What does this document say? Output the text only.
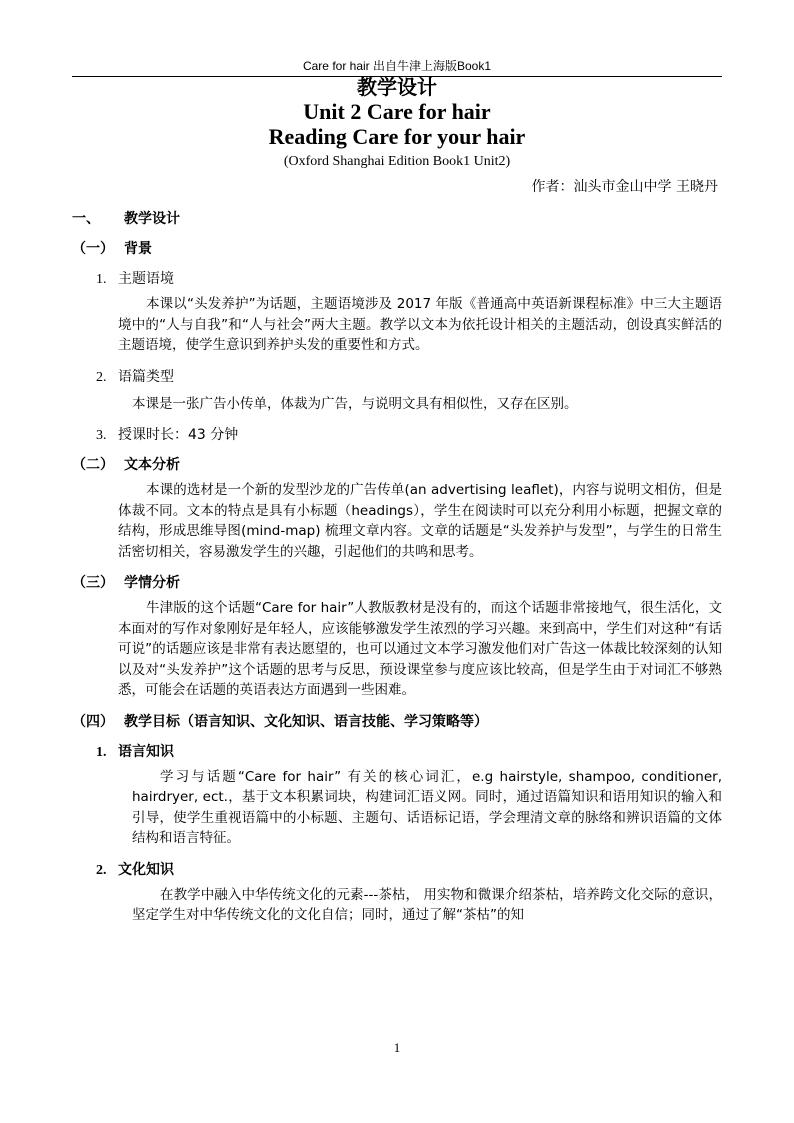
Care for hair 出自牛津上海版Book1
教学设计
Unit 2 Care for hair
Reading Care for your hair
(Oxford Shanghai Edition Book1 Unit2)
作者：汕头市金山中学 王晓丹
一、 教学设计
（一） 背景
1. 主题语境
本课以“头发养护”为话题，主题语境涉及 2017 年版《普通高中英语新课程标准》中三大主题语境中的“人与自我”和“人与社会”两大主题。教学以文本为依托设计相关的主题活动，创设真实鲜活的主题语境，使学生意识到养护头发的重要性和方式。
2. 语篇类型
本课是一张广告小传单，体裁为广告，与说明文具有相似性，又存在区别。
3. 授课时长：43 分钟
（二） 文本分析
本课的选材是一个新的发型沙龙的广告传单(an advertising leaflet)，内容与说明文相仿，但是体裁不同。文本的特点是具有小标题（headings），学生在阅读时可以充分利用小标题，把握文章的结构，形成思维导图(mind-map) 梳理文章内容。文章的话题是“头发养护与发型”，与学生的日常生活密切相关，容易激发学生的兴趣，引起他们的共鸣和思考。
（三） 学情分析
牛津版的这个话题“Care for hair”人教版教材是没有的，而这个话题非常接地气，很生活化，文本面对的写作对象刚好是年轻人，应该能够激发学生浓烈的学习兴趣。来到高中，学生们对这种“有话可说”的话题应该是非常有表达愿望的，也可以通过文本学习激发他们对广告这一体裁比较深刻的认知以及对“头发养护”这个话题的思考与反思，预设课堂参与度应该比较高，但是学生由于对词汇不够熟悉，可能会在话题的英语表达方面遇到一些困难。
（四） 教学目标（语言知识、文化知识、语言技能、学习策略等）
1. 语言知识
学习与话题“Care for hair” 有关的核心词汇，e.g hairstyle, shampoo, conditioner, hairdryer, ect.，基于文本积累词块，构建词汇语义网。同时，通过语篇知识和语用知识的输入和引导，使学生重视语篇中的小标题、主题句、话语标记语，学会理清文章的脉络和辨识语篇的文体结构和语言特征。
2. 文化知识
在教学中融入中华传统文化的元素---茶枯， 用实物和微课介绍茶枯，培养跨文化交际的意识，坚定学生对中华传统文化的文化自信；同时，通过了解“茶枯”的知
1
